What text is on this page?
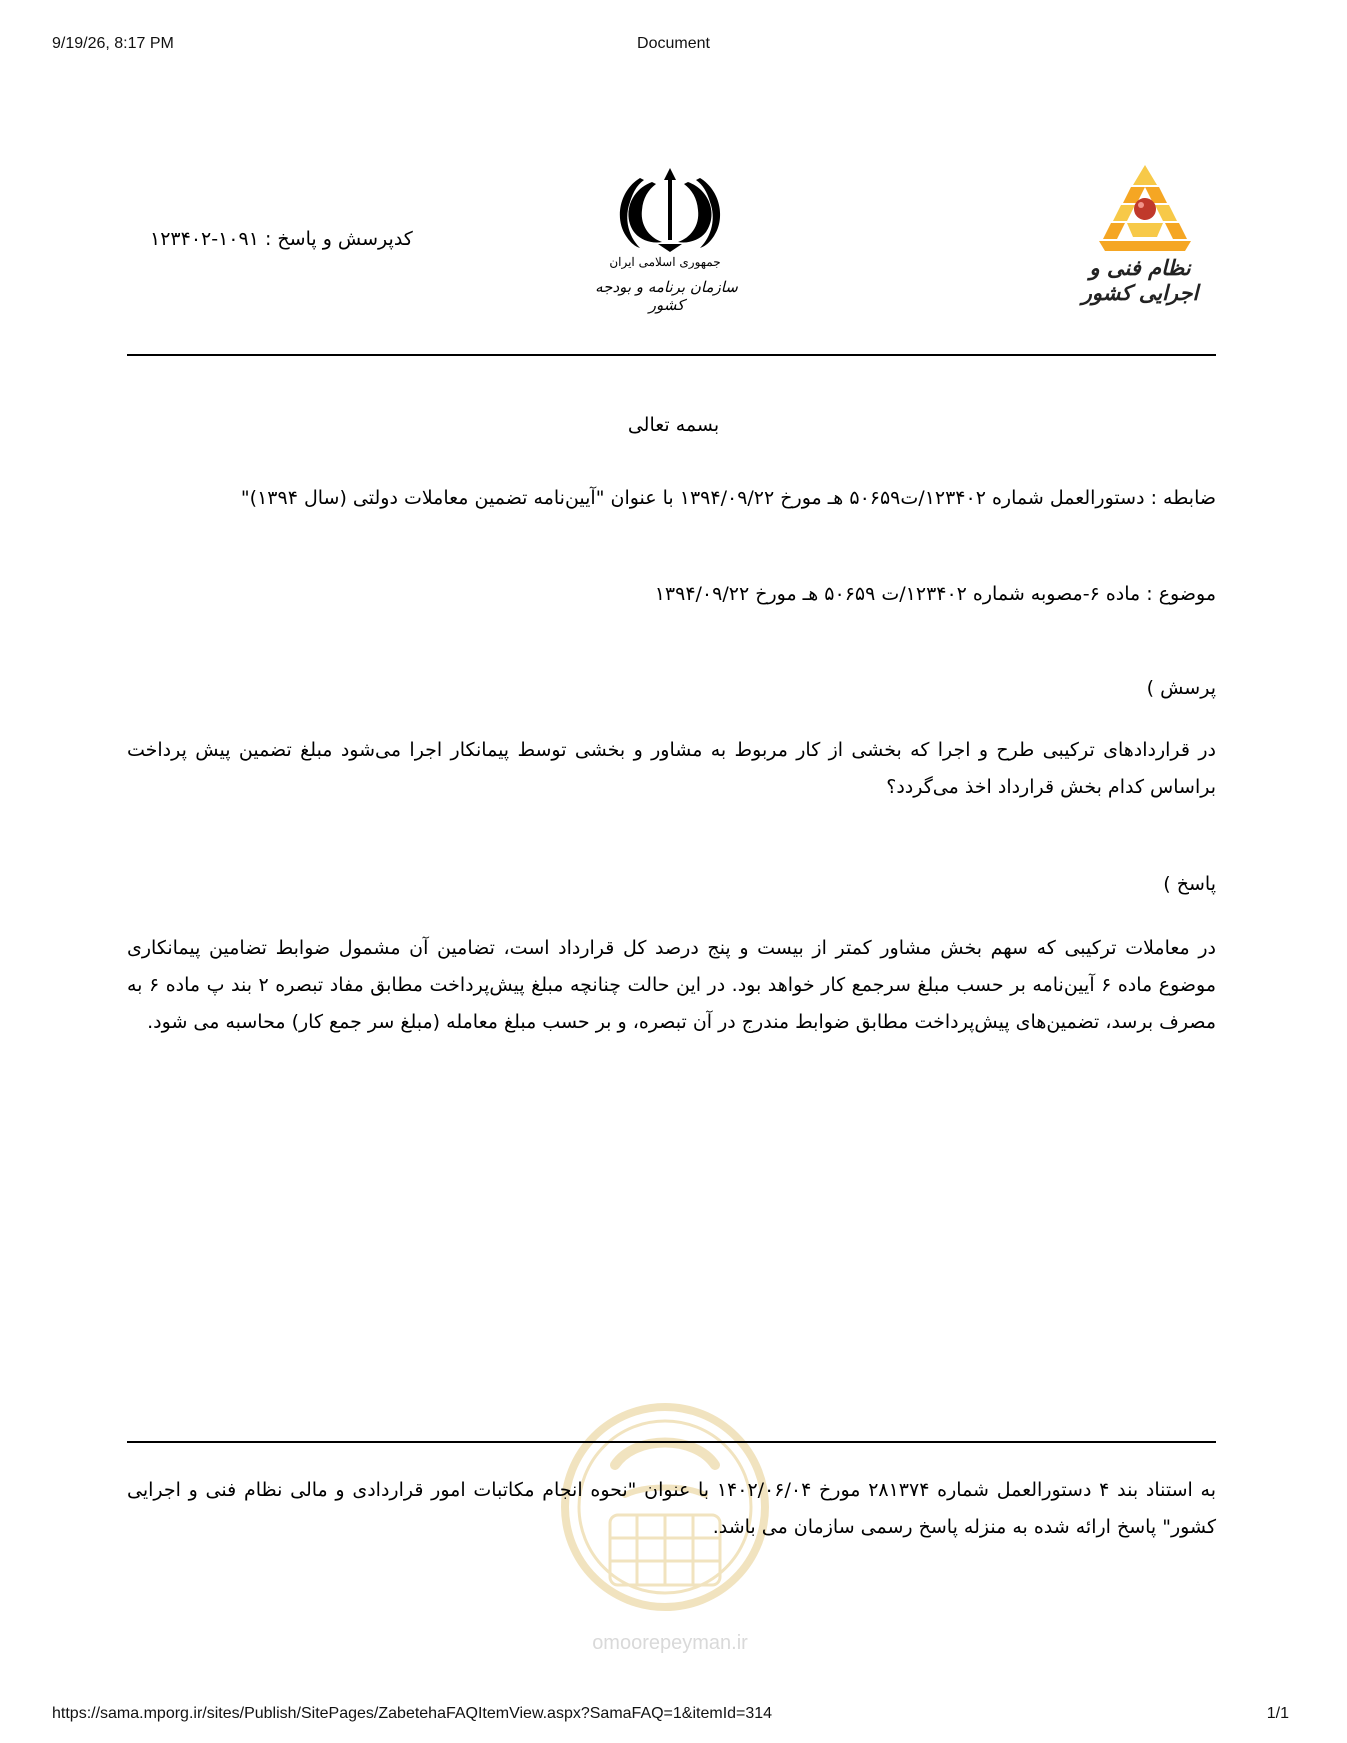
9/19/26, 8:17 PM	Document
کدپرسش و پاسخ : ۱۰۹۱-۱۲۳۴۰۲
جمهوری اسلامی ایران
سازمان برنامه و بودجه کشور
نظام فنی و اجرایی کشور
بسمه تعالی
ضابطه : دستورالعمل شماره ۱۲۳۴۰۲/ت۵۰۶۵۹ هـ مورخ ۱۳۹۴/۰۹/۲۲ با عنوان "آیین‌نامه تضمین معاملات دولتی (سال ۱۳۹۴)"
موضوع : ماده ۶-مصوبه شماره ۱۲۳۴۰۲/ت ۵۰۶۵۹ هـ مورخ ۱۳۹۴/۰۹/۲۲
پرسش )
در قراردادهای ترکیبی طرح و اجرا که بخشی از کار مربوط به مشاور و بخشی توسط پیمانکار اجرا می‌شود مبلغ تضمین پیش پرداخت براساس کدام بخش قرارداد اخذ می‌گردد؟
پاسخ )
در معاملات ترکیبی که سهم بخش مشاور کمتر از بیست و پنج درصد کل قرارداد است، تضامین آن مشمول ضوابط تضامین پیمانکاری موضوع ماده ۶ آیین‌نامه بر حسب مبلغ سرجمع کار خواهد بود. در این حالت چنانچه مبلغ پیش‌پرداخت مطابق مفاد تبصره ۲ بند پ ماده ۶ به مصرف برسد، تضمین‌های پیش‌پرداخت مطابق ضوابط مندرج در آن تبصره، و بر حسب مبلغ معامله (مبلغ سر جمع کار) محاسبه می شود.
omoorepeyman.ir
به استناد بند ۴ دستورالعمل شماره ۲۸۱۳۷۴ مورخ ۱۴۰۲/۰۶/۰۴ با عنوان "نحوه انجام مکاتبات امور قراردادی و مالی نظام فنی و اجرایی کشور" پاسخ ارائه شده به منزله پاسخ رسمی سازمان می باشد.
https://sama.mporg.ir/sites/Publish/SitePages/ZabetehaFAQItemView.aspx?SamaFAQ=1&itemId=314	1/1
